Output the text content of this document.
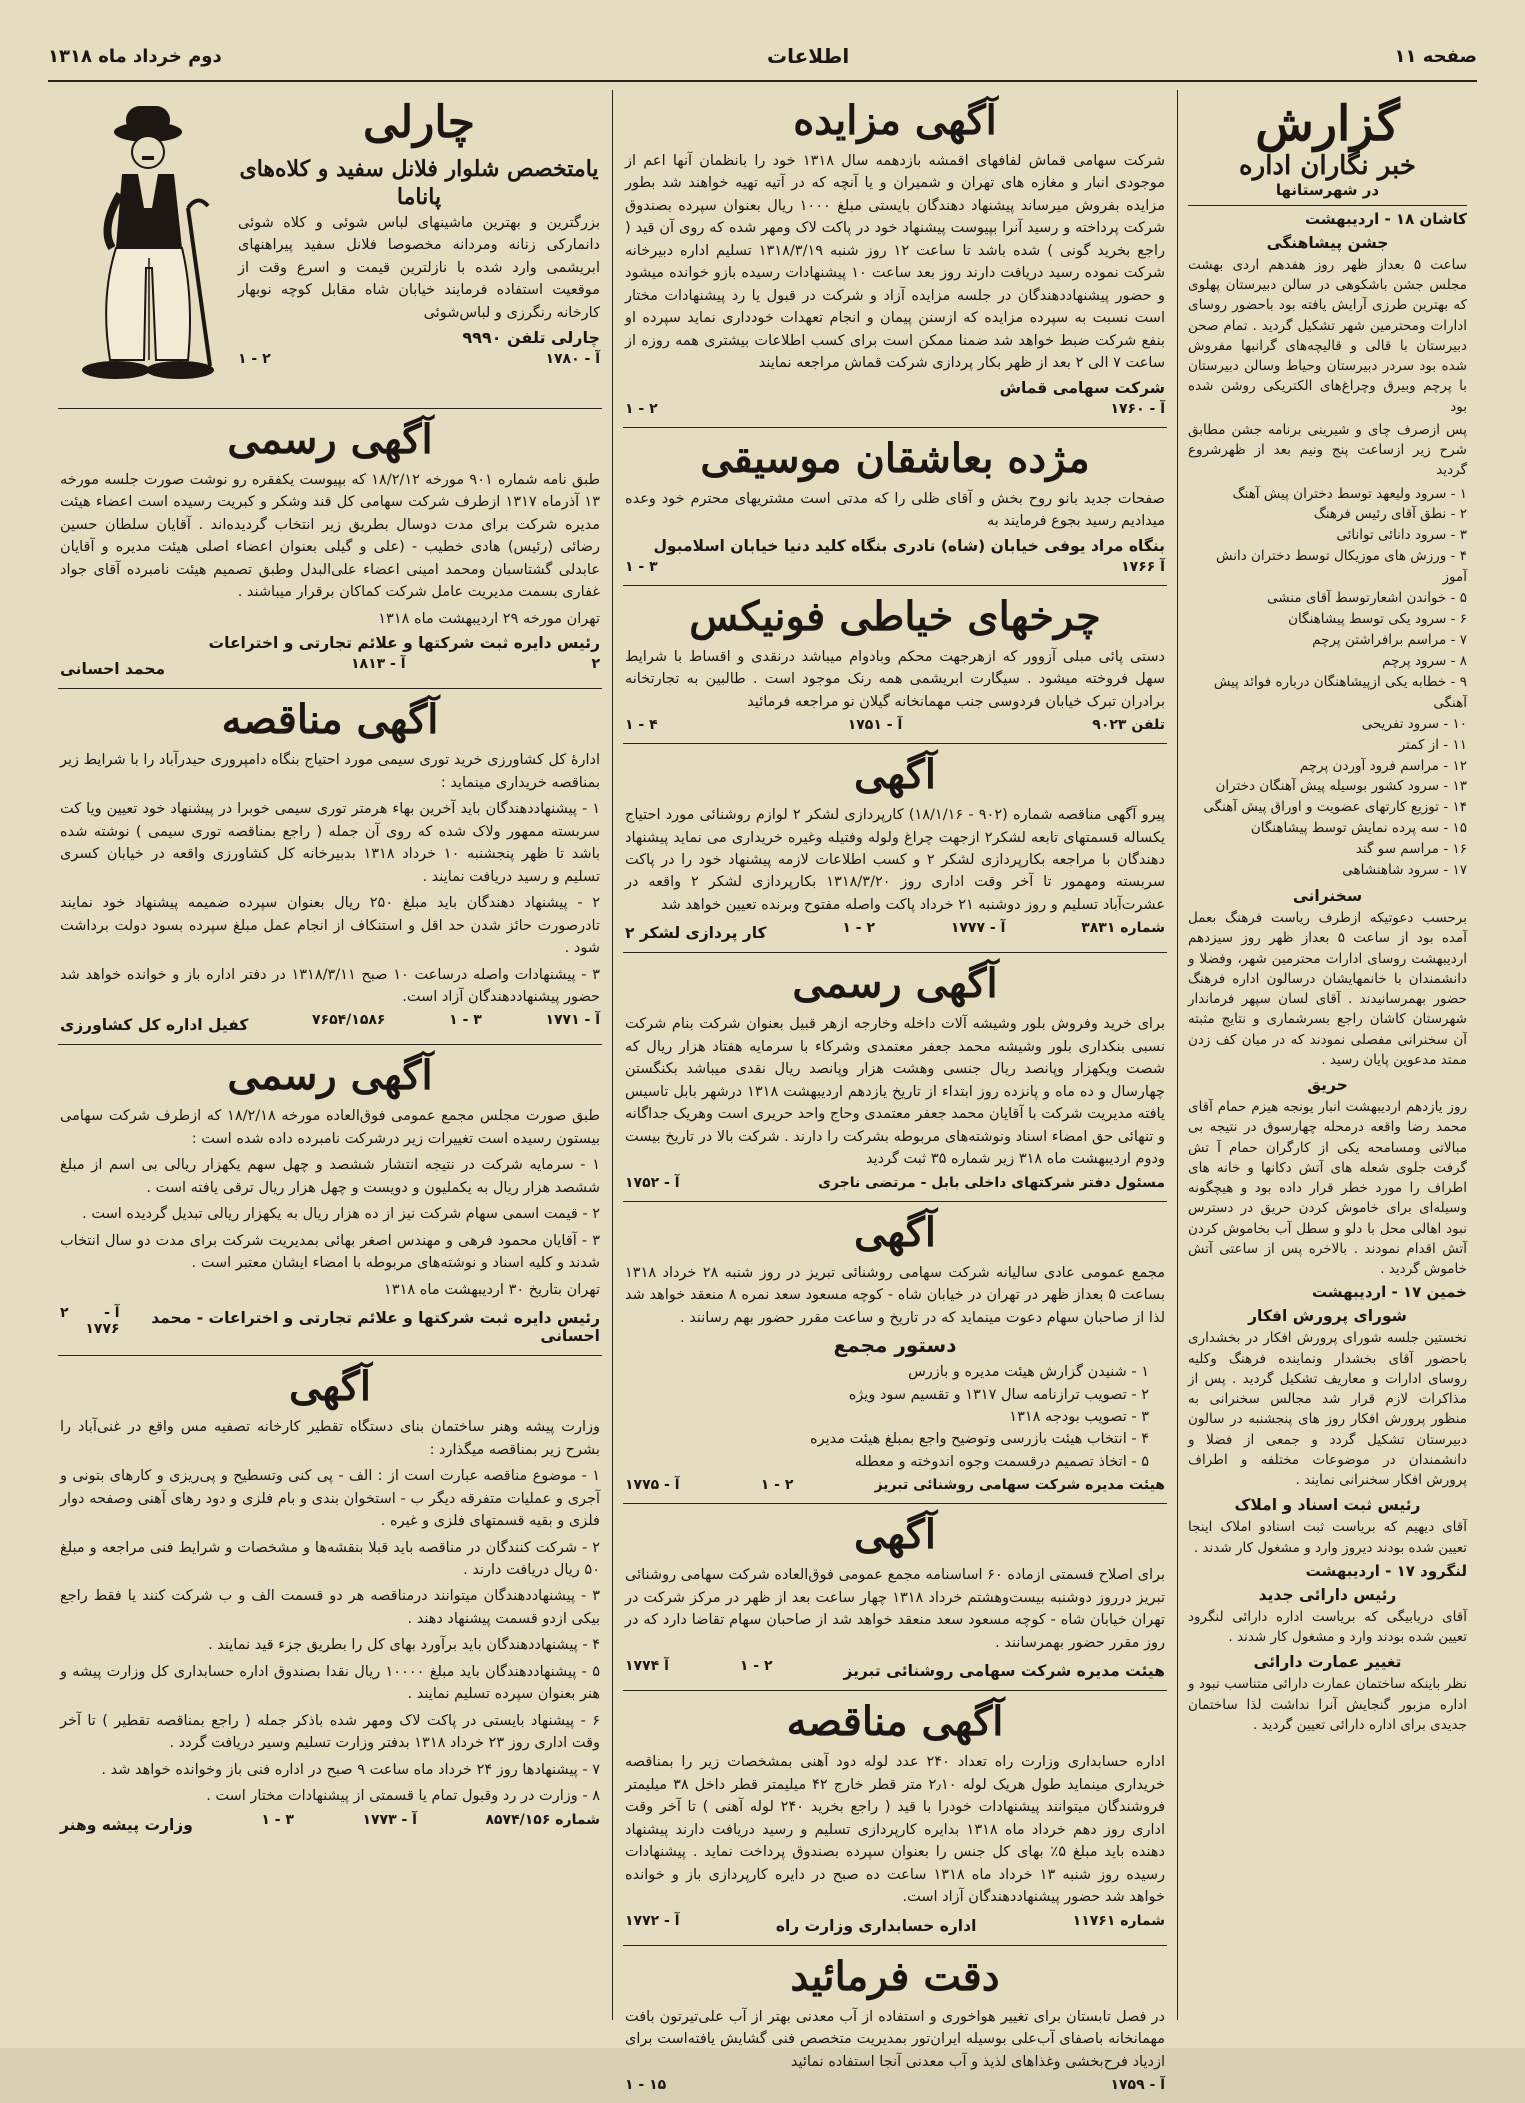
صفحه ۱۱
اطلاعات
دوم خرداد ماه ۱۳۱۸
گزارش
خبر نگاران اداره
در شهرستانها
کاشان ۱۸ - اردیبهشت
جشن پیشاهنگی

ساعت ۵ بعداز ظهر روز هفدهم اردی بهشت مجلس جشن باشکوهی در سالن دبیرستان پهلوی که بهترین طرزی آرایش یافته بود باحضور روسای ادارات ومحترمین شهر تشکیل گردید . تمام صحن دبیرستان با قالی و قالیچه‌های گرانبها مفروش شده بود سردر دبیرستان وحیاط وسالن دبیرستان با پرچم وبیرق وچراغ‌های الکتریکی روشن شده بود

پس ازصرف چای و شیرینی برنامه جشن مطابق شرح زیر ازساعت پنج ونیم بعد از ظهرشروع گردید

۱ - سرود ولیعهد توسط دختران پیش آهنگ
۲ - نطق آقای رئیس فرهنگ
۳ - سرود دانائی توانائی
۴ - ورزش های موزیکال توسط دختران دانش آموز
۵ - خواندن اشعارتوسط آقای منشی
۶ - سرود یکی توسط پیشاهنگان
۷ - مراسم برافراشتن پرچم
۸ - سرود پرچم
۹ - خطابه یکی ازپیشاهنگان درباره فوائد پیش آهنگی
۱۰ - سرود تفریحی
۱۱ - از کمتر
۱۲ - مراسم فرود آوردن پرچم
۱۳ - سرود کشور بوسیله پیش آهنگان دختران
۱۴ - توزیع کارتهای عضویت و اوراق پیش آهنگی
۱۵ - سه پرده نمایش توسط پیشاهنگان
۱۶ - مراسم سو گند
۱۷ - سرود شاهنشاهی
سخنرانی

برحسب دعوتیکه ازطرف ریاست فرهنگ بعمل آمده بود از ساعت ۵ بعداز ظهر روز سیزدهم اردیبهشت روسای ادارات محترمین شهر، وفضلا و دانشمندان با خانمهایشان درسالون اداره فرهنگ حضور بهمرسانیدند . آقای لسان سپهر فرماندار شهرستان کاشان راجع بسرشماری و نتایج مثبته آن سخنرانی مفصلی نمودند که در میان کف زدن ممتد مدعوین پایان رسید .

حریق

روز یازدهم اردیبهشت انبار یونجه هیزم حمام آقای محمد رضا واقعه درمحله چهارسوق در نتیجه بی مبالاتی ومسامحه یکی از کارگران حمام آ تش گرفت جلوی شعله های آتش دکانها و خانه های اطراف را مورد خطر قرار داده بود و هیچگونه وسیله‌ای برای خاموش کردن حریق در دسترس نبود اهالی محل با دلو و سطل آب بخاموش کردن آتش اقدام نمودند . بالاخره پس از ساعتی آتش خاموش گردید .

خمین ۱۷ - اردیبهشت
شورای پرورش افکار

نخستین جلسه شورای پرورش افکار در بخشداری باحضور آقای بخشدار ونماینده فرهنگ وکلیه روسای ادارات و معاریف تشکیل گردید . پس از مذاکرات لازم قرار شد مجالس سخنرانی به منظور پرورش افکار روز های پنجشنبه در سالون دبیرستان تشکیل گردد و جمعی از فضلا و دانشمندان در موضوعات مختلفه و اطراف پرورش افکار سخنرانی نمایند .

رئیس ثبت اسناد و املاک

آقای دیهیم که بریاست ثبت اسنادو املاک اینجا تعیین شده بودند دیروز وارد و مشغول کار شدند .

لنگرود ۱۷ - اردیبهشت
رئیس دارائی جدید

آقای دریابیگی که بریاست اداره دارائی لنگرود تعیین شده بودند وارد و مشغول کار شدند .

تغییر عمارت دارائی

نظر باینکه ساختمان عمارت دارائی متناسب نبود و اداره مزبور گنجایش آنرا نداشت لذا ساختمان جدیدی برای اداره دارائی تعیین گردید .

آگهی مزایده

شرکت سهامی قماش لفافهای اقمشه بازدهمه سال ۱۳۱۸ خود را بانظمان آنها اعم از موجودی انبار و مغازه های تهران و شمیران و یا آنچه که در آتیه تهیه خواهند شد بطور مزایده بفروش میرساند پیشنهاد دهندگان بایستی مبلغ ۱۰۰۰ ریال بعنوان سپرده بصندوق شرکت پرداخته و رسید آنرا بپیوست پیشنهاد خود در پاکت لاک ومهر شده که روی آن قید ( راجع بخرید گونی ) شده باشد تا ساعت ۱۲ روز شنبه ۱۳۱۸/۳/۱۹ تسلیم اداره دبیرخانه شرکت نموده رسید دریافت دارند روز بعد ساعت ۱۰ پیشنهادات رسیده بازو خوانده میشود و حضور پیشنهاددهندگان در جلسه مزایده آزاد و شرکت در قبول یا رد پیشنهادات مختار است نسبت به سپرده مزایده که ازسنن پیمان و انجام تعهدات خودداری نماید سپرده او بنفع شرکت ضبط خواهد شد ضمنا ممکن است برای کسب اطلاعات بیشتری همه روزه از ساعت ۷ الی ۲ بعد از ظهر بکار پردازی شرکت قماش مراجعه نمایند

شرکت سهامی قماش
آ - ۱۷۶۰
۲ - ۱
مژده بعاشقان موسیقی

صفحات جدید بانو روح بخش و آقای ظلی را که مدتی است مشتریهای محترم خود وعده میدادیم رسید بجوع فرمایند به

بنگاه مراد یوفی خیابان (شاه) نادری بنگاه کلید دنیا خیابان اسلامبول
آ ۱۷۶۶
۳ - ۱
چرخهای خیاطی فونیکس

دستی پائی مبلی آزوور که ازهرجهت محکم وبادوام میباشد درنقدی و اقساط با شرایط سهل فروخته میشود . سیگارت ابریشمی همه رنک موجود است . طالبین به تجارتخانه برادران تبرک خیابان فردوسی جنب مهمانخانه گیلان نو مراجعه فرمائید

تلفن ۹۰۲۳
آ - ۱۷۵۱
۴ - ۱
آگهی

پیرو آگهی مناقصه شماره (۹۰۲ - ۱۸/۱/۱۶) کارپردازی لشکر ۲ لوازم روشنائی مورد احتیاج یکساله قسمتهای تابعه لشکر۲ ازجهت چراغ ولوله وفتیله وغیره خریداری می نماید پیشنهاد دهندگان با مراجعه بکارپردازی لشکر ۲ و کسب اطلاعات لازمه پیشنهاد خود را در پاکت سربسته ومهمور تا آخر وقت اداری روز ۱۳۱۸/۳/۲۰ بکارپردازی لشکر ۲ واقعه در عشرت‌آباد تسلیم و روز دوشنبه ۲۱ خرداد پاکت واصله مفتوح وبرنده تعیین خواهد شد

شماره ۳۸۳۱
آ - ۱۷۷۷
۲ - ۱
کار پردازی لشکر ۲
آگهی رسمی

برای خرید وفروش بلور وشیشه آلات داخله وخارجه ازهر قبیل بعنوان شرکت بنام شرکت نسبی بنکداری بلور وشیشه محمد جعفر معتمدی وشرکاء با سرمایه هفتاد هزار ریال که شصت ویکهزار وپانصد ریال جنسی وهشت هزار وپانصد ریال نقدی میباشد بکنگستن چهارسال و ده ماه و پانزده روز ابتداء از تاریخ یازدهم اردیبهشت ۱۳۱۸ درشهر بابل تاسیس یافته مدیریت شرکت با آقایان محمد جعفر معتمدی وحاج واحد حریری است وهریک جداگانه و تنهائی حق امضاء اسناد ونوشته‌های مربوطه بشرکت را دارند . شرکت بالا در تاریخ بیست ودوم اردیبهشت ماه ۳۱۸ زیر شماره ۳۵ ثبت گردید

مسئول دفتر شرکتهای داخلی بابل - مرتضی ناجری
آ - ۱۷۵۲
آگهی

مجمع عمومی عادی سالیانه شرکت سهامی روشنائی تبریز در روز شنبه ۲۸ خرداد ۱۳۱۸ بساعت ۵ بعداز ظهر در تهران در خیابان شاه - کوچه مسعود سعد نمره ۸ منعقد خواهد شد لذا از صاحبان سهام دعوت مینماید که در تاریخ و ساعت مقرر حضور بهم رسانند .

دستور مجمع
۱ - شنیدن گزارش هیئت مدیره و بازرس
۲ - تصویب ترازنامه سال ۱۳۱۷ و تقسیم سود ویژه
۳ - تصویب بودجه ۱۳۱۸
۴ - انتخاب هیئت بازرسی وتوضیح واجع بمبلغ هیئت مدیره
۵ - اتخاذ تصمیم درقسمت وجوه اندوخته و معطله
هیئت مدیره شرکت سهامی روشنائی تبریز
۲ - ۱
آ - ۱۷۷۵
آگهی

برای اصلاح قسمتی ازماده ۶۰ اساسنامه مجمع عمومی فوق‌العاده شرکت سهامی روشنائی تبریز درروز دوشنبه بیست‌وهشتم خرداد ۱۳۱۸ چهار ساعت بعد از ظهر در مرکز شرکت در تهران خیابان شاه - کوچه مسعود سعد منعقد خواهد شد از صاحبان سهام تقاضا دارد که در روز مقرر حضور بهمرسانند .

هیئت مدیره شرکت سهامی روشنائی تبریز
۲ - ۱
آ ۱۷۷۴
آگهی مناقصه

اداره حسابداری وزارت راه تعداد ۲۴۰ عدد لوله دود آهنی بمشخصات زیر را بمناقصه خریداری مینماید طول هریک لوله ۲٫۱۰ متر قطر خارج ۴۲ میلیمتر قطر داخل ۳۸ میلیمتر فروشندگان میتوانند پیشنهادات خودرا با قید ( راجع بخرید ۲۴۰ لوله آهنی ) تا آخر وقت اداری روز دهم خرداد ماه ۱۳۱۸ بدایره کارپردازی تسلیم و رسید دریافت دارند پیشنهاد دهنده باید مبلغ ۵٪ بهای کل جنس را بعنوان سپرده بصندوق پرداخت نماید . پیشنهادات رسیده روز شنبه ۱۳ خرداد ماه ۱۳۱۸ ساعت ده صبح در دایره کارپردازی باز و خوانده خواهد شد حضور پیشنهاددهندگان آزاد است.

شماره ۱۱۷۶۱
اداره حسابداری وزارت راه
آ - ۱۷۷۲
دقت فرمائید

در فصل تابستان برای تغییر هواخوری و استفاده از آب معدنی بهتر از آب علی‌تیرتون بافت مهمانخانه باصفای آب‌علی بوسیله ایران‌تور بمدیریت متخصص فنی گشایش یافته‌است برای ازدیاد فرح‌بخشی وغذاهای لذیذ و آب معدنی آنجا استفاده نمائید

آ - ۱۷۵۹
۱۵ - ۱
چارلی
یامتخصص شلوار فلانل سفید و کلاه‌های پاناما

بزرگترین و بهترین ماشینهای لباس شوئی و کلاه شوئی دانمارکی زنانه ومردانه مخصوصا فلانل سفید پیراهنهای ابریشمی وارد شده با نازلترین قیمت و اسرع وقت از موقعیت استفاده فرمایند خیابان شاه مقابل کوچه نوبهار کارخانه رنگرزی و لباس‌شوئی

چارلی تلفن ۹۹۹۰
آ - ۱۷۸۰
۲ - ۱
آگهی رسمی

طبق نامه شماره ۹۰۱ مورخه ۱۸/۲/۱۲ که بپیوست یکفقره رو نوشت صورت جلسه مورخه ۱۳ آذرماه ۱۳۱۷ ازطرف شرکت سهامی کل قند وشکر و کبریت رسیده است اعضاء هیئت مدیره شرکت برای مدت دوسال بطریق زیر انتخاب گردیده‌اند . آقایان سلطان حسین رضائی (رئیس) هادی خطیب - (علی و گیلی بعنوان اعضاء اصلی هیئت مدیره و آقایان عابدلی گشتاسبان ومحمد امینی اعضاء علی‌البدل وطبق تصمیم هیئت نامبرده آقای جواد غفاری بسمت مدیریت عامل شرکت کماکان برقرار میباشند .

تهران مورخه ۲۹ اردیبهشت ماه ۱۳۱۸

رئیس دایره ثبت شرکتها و علائم تجارتی و اختراعات
۲
آ - ۱۸۱۳
محمد احسانی
آگهی مناقصه

ادارهٔ کل کشاورزی خرید توری سیمی مورد احتیاج بنگاه دامپروری حیدرآباد را با شرایط زیر بمناقصه خریداری مینماید :

۱ - پیشنهاددهندگان باید آخرین بهاء هرمتر توری سیمی خوبرا در پیشنهاد خود تعیین ویا کت سربسته ممهور ولاک شده که روی آن جمله ( راجع بمناقصه توری سیمی ) نوشته شده باشد تا ظهر پنجشنبه ۱۰ خرداد ۱۳۱۸ بدبیرخانه کل کشاورزی واقعه در خیابان کسری تسلیم و رسید دریافت نمایند .

۲ - پیشنهاد دهندگان باید مبلغ ۲۵۰ ریال بعنوان سپرده ضمیمه پیشنهاد خود نمایند تادرصورت حائز شدن حد اقل و استنکاف از انجام عمل مبلغ سپرده بسود دولت برداشت شود .

۳ - پیشنهادات واصله درساعت ۱۰ صبح ۱۳۱۸/۳/۱۱ در دفتر اداره باز و خوانده خواهد شد حضور پیشنهاددهندگان آزاد است.

آ - ۱۷۷۱
۳ - ۱
۷۶۵۴/۱۵۸۶
کفیل اداره کل کشاورزی
آگهی رسمی

طبق صورت مجلس مجمع عمومی فوق‌العاده مورخه ۱۸/۲/۱۸ که ازطرف شرکت سهامی بیستون رسیده است تغییرات زیر درشرکت نامبرده داده شده است :

۱ - سرمایه شرکت در نتیجه انتشار ششصد و چهل سهم یکهزار ریالی بی اسم از مبلغ ششصد هزار ریال به یکملیون و دویست و چهل هزار ریال ترقی یافته است .

۲ - قیمت اسمی سهام شرکت نیز از ده هزار ریال به یکهزار ریالی تبدیل گردیده است .

۳ - آقایان محمود فرهی و مهندس اصغر بهائی بمدیریت شرکت برای مدت دو سال انتخاب شدند و کلیه اسناد و نوشته‌های مربوطه با امضاء ایشان معتبر است .

تهران بتاریخ ۳۰ اردیبهشت ماه ۱۳۱۸

رئیس دایره ثبت شرکتها و علائم تجارتی و اختراعات - محمد احسانی
آ - ۱۷۷۶
۲
آگهی

وزارت پیشه وهنر ساختمان بنای دستگاه تقطیر کارخانه تصفیه مس واقع در غنی‌آباد را بشرح زیر بمناقصه میگذارد :

۱ - موضوع مناقصه عبارت است از : الف - پی کنی وتسطیح و پی‌ریزی و کارهای بتونی و آجری و عملیات متفرقه دیگر ب - استخوان بندی و بام فلزی و دود رهای آهنی وصفحه دوار فلزی و بقیه قسمتهای فلزی و غیره .

۲ - شرکت کنندگان در مناقصه باید قبلا بنقشه‌ها و مشخصات و شرایط فنی مراجعه و مبلغ ۵۰ ریال دریافت دارند .

۳ - پیشنهاددهندگان میتوانند درمناقصه هر دو قسمت الف و ب شرکت کنند یا فقط راجع بیکی ازدو قسمت پیشنهاد دهند .

۴ - پیشنهاددهندگان باید برآورد بهای کل را بطریق جزء قید نمایند .

۵ - پیشنهاددهندگان باید مبلغ ۱۰۰۰۰ ریال نقدا بصندوق اداره حسابداری کل وزارت پیشه و هنر بعنوان سپرده تسلیم نمایند .

۶ - پیشنهاد بایستی در پاکت لاک ومهر شده باذکر جمله ( راجع بمناقصه تقطیر ) تا آخر وقت اداری روز ۲۳ خرداد ۱۳۱۸ بدفتر وزارت تسلیم وسیر دریافت گردد .

۷ - پیشنهادها روز ۲۴ خرداد ماه ساعت ۹ صبح در اداره فنی باز وخوانده خواهد شد .

۸ - وزارت در رد وقبول تمام یا قسمتی از پیشنهادات مختار است .

شماره ۸۵۷۴/۱۵۶
آ - ۱۷۷۳
۳ - ۱
وزارت پیشه وهنر
